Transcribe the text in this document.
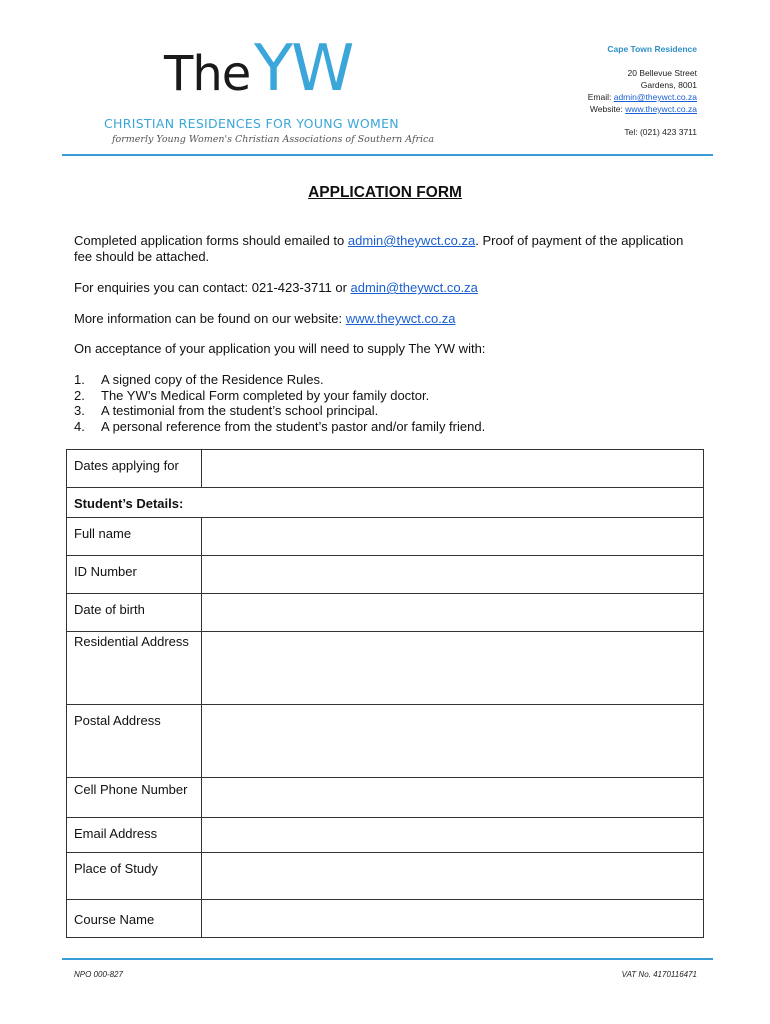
The YW
CHRISTIAN RESIDENCES FOR YOUNG WOMEN
formerly Young Women's Christian Associations of Southern Africa
Cape Town Residence
20 Bellevue Street
Gardens, 8001
Email: admin@theywct.co.za
Website: www.theywct.co.za
Tel: (021) 423 3711
APPLICATION FORM
Completed application forms should emailed to admin@theywct.co.za. Proof of payment of the application fee should be attached.
For enquiries you can contact: 021-423-3711 or admin@theywct.co.za
More information can be found on our website: www.theywct.co.za
On acceptance of your application you will need to supply The YW with:
1.	A signed copy of the Residence Rules.
2.	The YW’s Medical Form completed by your family doctor.
3.	A testimonial from the student’s school principal.
4.	A personal reference from the student’s pastor and/or family friend.
Dates applying for	
Student’s Details:	
Full name	
ID Number	
Date of birth	
Residential Address	
Postal Address	
Cell Phone Number	
Email Address	
Place of Study	
Course Name	
NPO 000-827	VAT No. 4170116471
